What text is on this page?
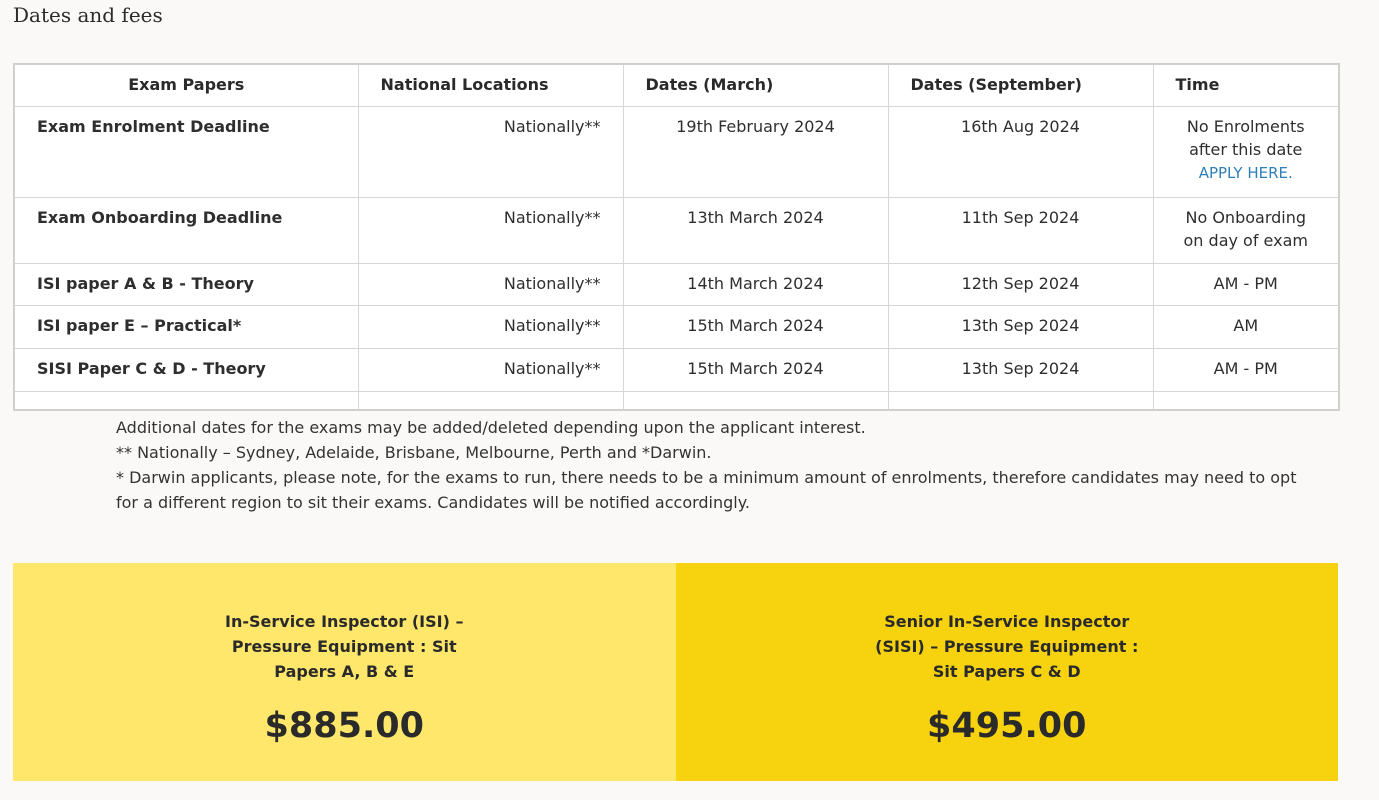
Dates and fees
Exam Papers	National Locations	Dates (March)	Dates (September)	Time
Exam Enrolment Deadline	Nationally**	19th February 2024	16th Aug 2024	No Enrolments
after this date
APPLY HERE.
Exam Onboarding Deadline	Nationally**	13th March 2024	11th Sep 2024	No Onboarding
on day of exam

ISI paper A & B - Theory	Nationally**	14th March 2024	12th Sep 2024	AM - PM
ISI paper E – Practical*	Nationally**	15th March 2024	13th Sep 2024	AM
SISI Paper C & D - Theory	Nationally**	15th March 2024	13th Sep 2024	AM - PM

Additional dates for the exams may be added/deleted depending upon the applicant interest.

** Nationally – Sydney, Adelaide, Brisbane, Melbourne, Perth and *Darwin.

* Darwin applicants, please note, for the exams to run, there needs to be a minimum amount of enrolments, therefore candidates may need to opt for a different region to sit their exams. Candidates will be notified accordingly.

In-Service Inspector (ISI) – Pressure Equipment : Sit Papers A, B & E

$885.00

Senior In-Service Inspector (SISI) – Pressure Equipment : Sit Papers C & D

$495.00
